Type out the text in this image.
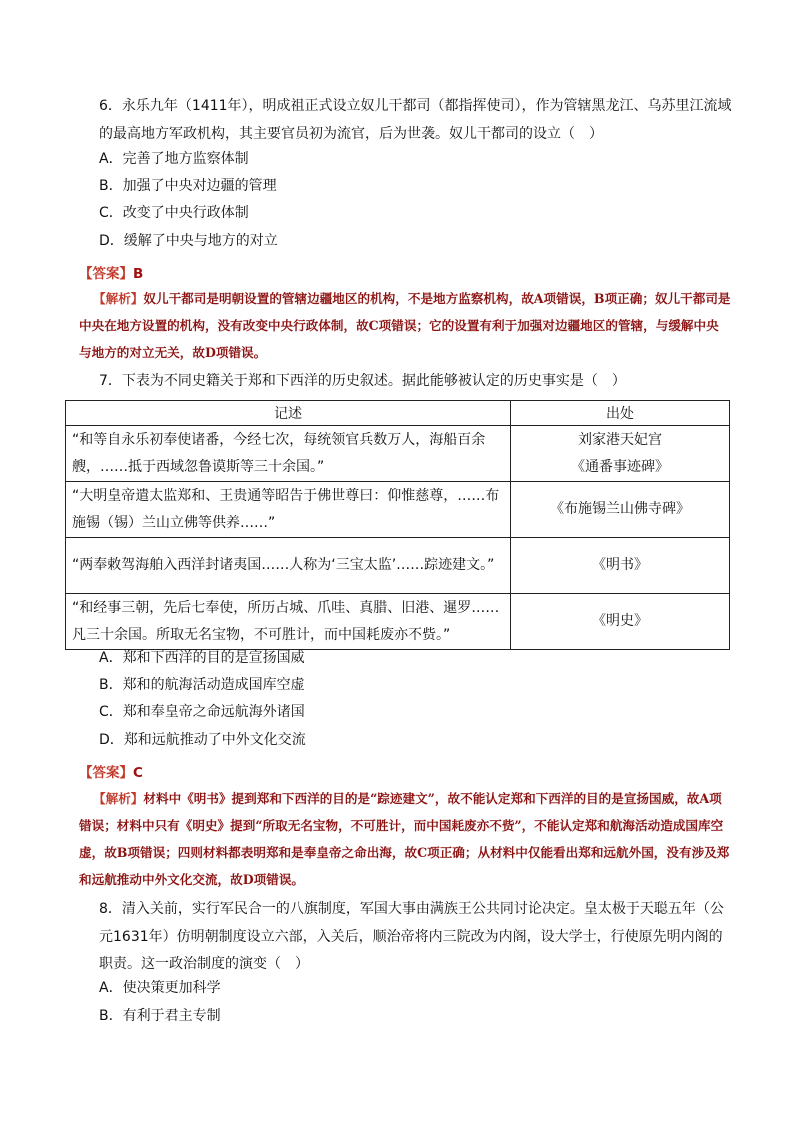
6．永乐九年（1411年），明成祖正式设立奴儿干都司（都指挥使司），作为管辖黑龙江、乌苏里江流域的最高地方军政机构，其主要官员初为流官，后为世袭。奴儿干都司的设立（　）
A．完善了地方监察体制
B．加强了中央对边疆的管理
C．改变了中央行政体制
D．缓解了中央与地方的对立
【答案】B
【解析】奴儿干都司是明朝设置的管辖边疆地区的机构，不是地方监察机构，故A项错误，B项正确；奴儿干都司是中央在地方设置的机构，没有改变中央行政体制，故C项错误；它的设置有利于加强对边疆地区的管辖，与缓解中央与地方的对立无关，故D项错误。
7．下表为不同史籍关于郑和下西洋的历史叙述。据此能够被认定的历史事实是（　）
记述	出处
“和等自永乐初奉使诸番，今经七次，每统领官兵数万人，海船百余艘，……抵于西域忽鲁谟斯等三十余国。”	刘家港天妃宫
《通番事迹碑》

“大明皇帝遣太监郑和、王贵通等昭告于佛世尊曰：仰惟慈尊，……布施锡（锡）兰山立佛等供养……”	《布施锡兰山佛寺碑》
“两奉敕驾海舶入西洋封诸夷国……人称为‘三宝太监’……踪迹建文。”	《明书》
“和经事三朝，先后七奉使，所历占城、爪哇、真腊、旧港、暹罗……凡三十余国。所取无名宝物，不可胜计，而中国耗废亦不赀。”	《明史》
A．郑和下西洋的目的是宣扬国威
B．郑和的航海活动造成国库空虚
C．郑和奉皇帝之命远航海外诸国
D．郑和远航推动了中外文化交流
【答案】C
【解析】材料中《明书》提到郑和下西洋的目的是“踪迹建文”，故不能认定郑和下西洋的目的是宣扬国威，故A项错误；材料中只有《明史》提到“所取无名宝物，不可胜计，而中国耗废亦不赀”，不能认定郑和航海活动造成国库空虚，故B项错误；四则材料都表明郑和是奉皇帝之命出海，故C项正确；从材料中仅能看出郑和远航外国，没有涉及郑和远航推动中外文化交流，故D项错误。
8．清入关前，实行军民合一的八旗制度，军国大事由满族王公共同讨论决定。皇太极于天聪五年（公元1631年）仿明朝制度设立六部，入关后，顺治帝将内三院改为内阁，设大学士，行使原先明内阁的职责。这一政治制度的演变（　）
A．使决策更加科学
B．有利于君主专制
